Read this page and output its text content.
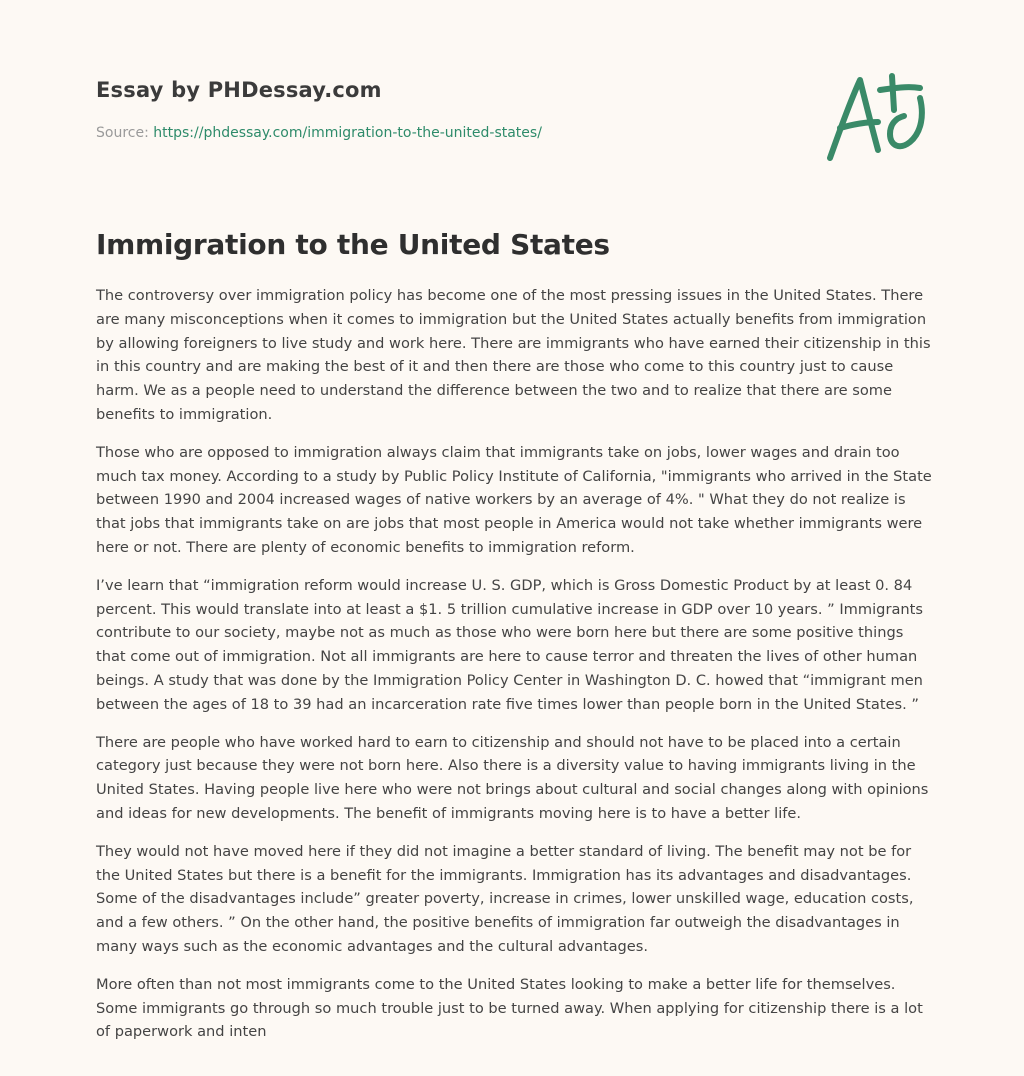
Essay by PHDessay.com
Source: https://phdessay.com/immigration-to-the-united-states/
Immigration to the United States

The controversy over immigration policy has become one of the most pressing issues in the United States. There are many misconceptions when it comes to immigration but the United States actually benefits from immigration by allowing foreigners to live study and work here. There are immigrants who have earned their citizenship in this in this country and are making the best of it and then there are those who come to this country just to cause harm. We as a people need to understand the difference between the two and to realize that there are some benefits to immigration.

Those who are opposed to immigration always claim that immigrants take on jobs, lower wages and drain too much tax money. According to a study by Public Policy Institute of California, "immigrants who arrived in the State between 1990 and 2004 increased wages of native workers by an average of 4%. " What they do not realize is that jobs that immigrants take on are jobs that most people in America would not take whether immigrants were here or not. There are plenty of economic benefits to immigration reform.

I’ve learn that “immigration reform would increase U. S. GDP, which is Gross Domestic Product by at least 0. 84 percent. This would translate into at least a $1. 5 trillion cumulative increase in GDP over 10 years. ” Immigrants contribute to our society, maybe not as much as those who were born here but there are some positive things that come out of immigration. Not all immigrants are here to cause terror and threaten the lives of other human beings. A study that was done by the Immigration Policy Center in Washington D. C. howed that “immigrant men between the ages of 18 to 39 had an incarceration rate five times lower than people born in the United States. ”

There are people who have worked hard to earn to citizenship and should not have to be placed into a certain category just because they were not born here. Also there is a diversity value to having immigrants living in the United States. Having people live here who were not brings about cultural and social changes along with opinions and ideas for new developments. The benefit of immigrants moving here is to have a better life.

They would not have moved here if they did not imagine a better standard of living. The benefit may not be for the United States but there is a benefit for the immigrants. Immigration has its advantages and disadvantages. Some of the disadvantages include” greater poverty, increase in crimes, lower unskilled wage, education costs, and a few others. ” On the other hand, the positive benefits of immigration far outweigh the disadvantages in many ways such as the economic advantages and the cultural advantages.

More often than not most immigrants come to the United States looking to make a better life for themselves. Some immigrants go through so much trouble just to be turned away. When applying for citizenship there is a lot of paperwork and inten
